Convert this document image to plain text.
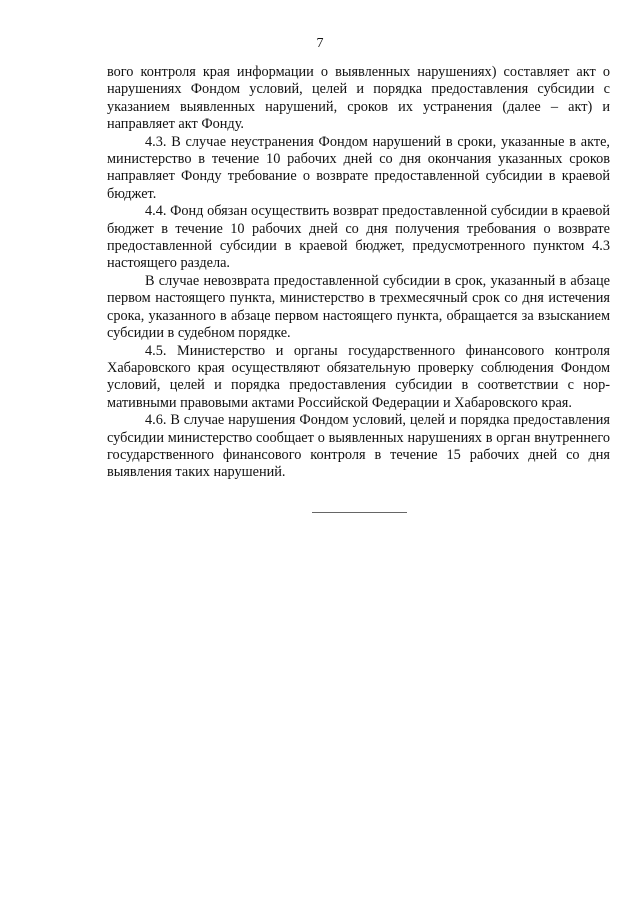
7

вого контроля края информации о выявленных нарушениях) составляет акт о нарушениях Фондом условий, целей и порядка предоставления субсидии с указанием выявленных нарушений, сроков их устранения (далее – акт) и направляет акт Фонду.

4.3. В случае неустранения Фондом нарушений в сроки, указанные в акте, министерство в течение 10 рабочих дней со дня окончания указанных сроков направляет Фонду требование о возврате предоставленной субсидии в краевой бюджет.

4.4. Фонд обязан осуществить возврат предоставленной субсидии в краевой бюджет в течение 10 рабочих дней со дня получения требования о возврате предоставленной субсидии в краевой бюджет, предусмотренного пунктом 4.3 настоящего раздела.

В случае невозврата предоставленной субсидии в срок, указанный в абзаце первом настоящего пункта, министерство в трехмесячный срок со дня истечения срока, указанного в абзаце первом настоящего пункта, обращается за взысканием субсидии в судебном порядке.

4.5. Министерство и органы государственного финансового контроля Хабаровского края осуществляют обязательную проверку соблюдения Фондом условий, целей и порядка предоставления субсидии в соответствии с нормативными правовыми актами Российской Федерации и Хабаровского края.

4.6. В случае нарушения Фондом условий, целей и порядка предоставления субсидии министерство сообщает о выявленных нарушениях в орган внутреннего государственного финансового контроля в течение 15 рабочих дней со дня выявления таких нарушений.
